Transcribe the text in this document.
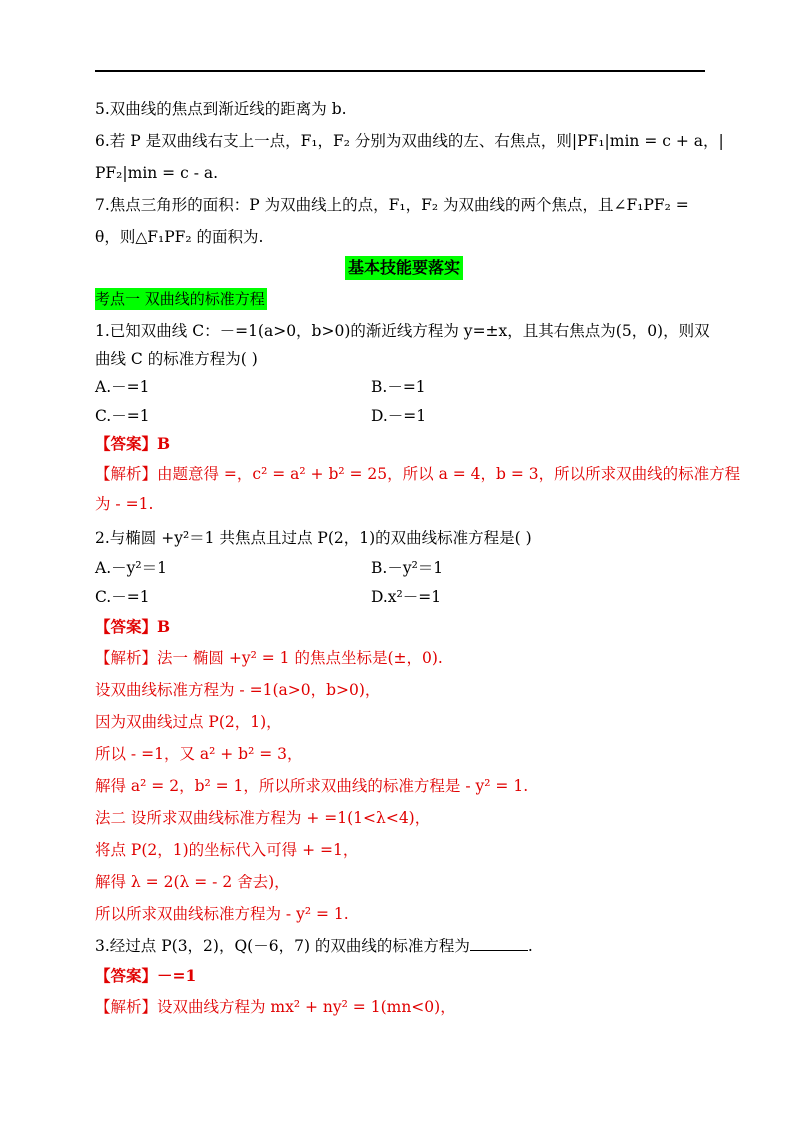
5.双曲线的焦点到渐近线的距离为 b.
6.若 P 是双曲线右支上一点，F₁，F₂ 分别为双曲线的左、右焦点，则|PF₁|min = c + a，|
PF₂|min = c - a.
7.焦点三角形的面积：P 为双曲线上的点，F₁，F₂ 为双曲线的两个焦点，且∠F₁PF₂ =
θ，则△F₁PF₂ 的面积为.
基本技能要落实
考点一 双曲线的标准方程
1.已知双曲线 C：－=1(a>0，b>0)的渐近线方程为 y=±x，且其右焦点为(5，0)，则双
曲线 C 的标准方程为( )
A.－=1	B.－=1
C.－=1	D.－=1
【答案】B
【解析】由题意得 =，c² = a² + b² = 25，所以 a = 4，b = 3，所以所求双曲线的标准方程
为 - =1.
2.与椭圆 +y²＝1 共焦点且过点 P(2，1)的双曲线标准方程是( )
A.－y²＝1	B.－y²＝1
C.－=1	D.x²－=1
【答案】B
【解析】法一 椭圆 +y² = 1 的焦点坐标是(±，0).
设双曲线标准方程为 - =1(a>0，b>0)，
因为双曲线过点 P(2，1)，
所以 - =1，又 a² + b² = 3，
解得 a² = 2，b² = 1，所以所求双曲线的标准方程是 - y² = 1.
法二 设所求双曲线标准方程为 + =1(1<λ<4)，
将点 P(2，1)的坐标代入可得 + =1，
解得 λ = 2(λ = - 2 舍去)，
所以所求双曲线标准方程为 - y² = 1.
3.经过点 P(3，2)，Q(－6，7) 的双曲线的标准方程为	.
【答案】－=1
【解析】设双曲线方程为 mx² + ny² = 1(mn<0)，
